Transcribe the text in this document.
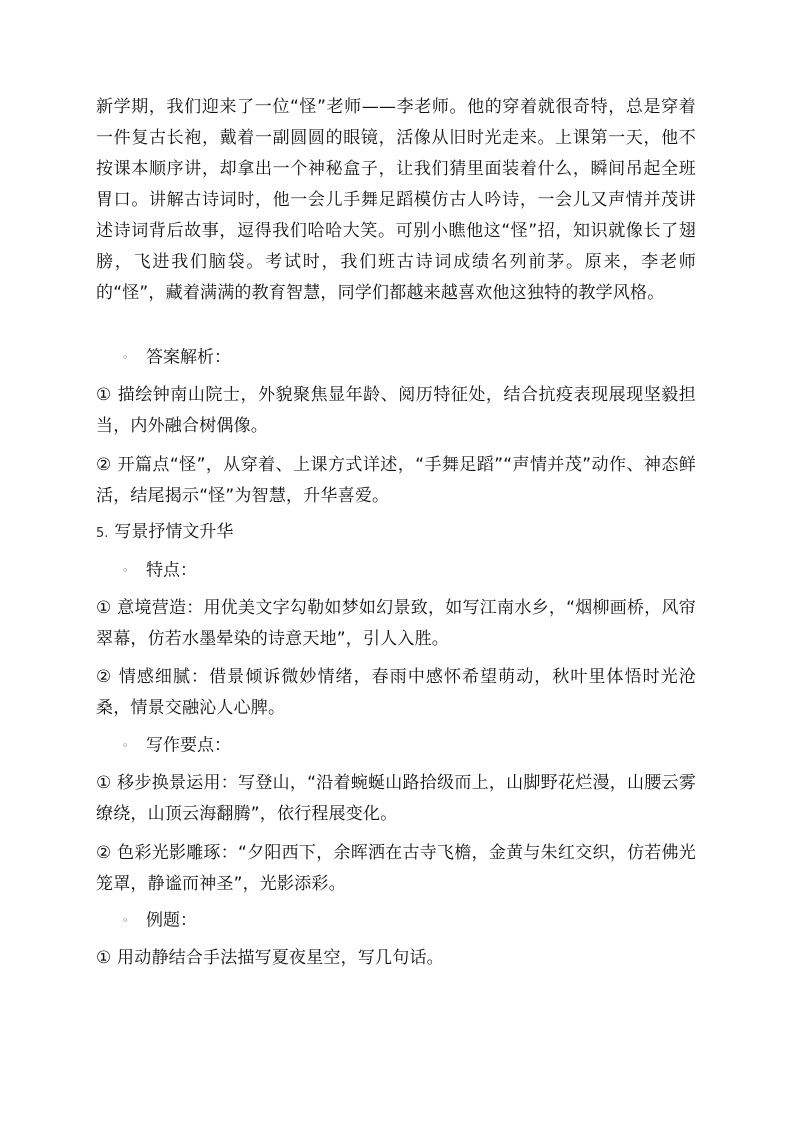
新学期，我们迎来了一位“怪”老师——李老师。他的穿着就很奇特，总是穿着一件复古长袍，戴着一副圆圆的眼镜，活像从旧时光走来。上课第一天，他不按课本顺序讲，却拿出一个神秘盒子，让我们猜里面装着什么，瞬间吊起全班胃口。讲解古诗词时，他一会儿手舞足蹈模仿古人吟诗，一会儿又声情并茂讲述诗词背后故事，逗得我们哈哈大笑。可别小瞧他这“怪”招，知识就像长了翅膀，飞进我们脑袋。考试时，我们班古诗词成绩名列前茅。原来，李老师的“怪”，藏着满满的教育智慧，同学们都越来越喜欢他这独特的教学风格。
◦ 答案解析：
① 描绘钟南山院士，外貌聚焦显年龄、阅历特征处，结合抗疫表现展现坚毅担当，内外融合树偶像。
② 开篇点“怪”，从穿着、上课方式详述，“手舞足蹈”“声情并茂”动作、神态鲜活，结尾揭示“怪”为智慧，升华喜爱。
5. 写景抒情文升华
◦ 特点：
① 意境营造：用优美文字勾勒如梦如幻景致，如写江南水乡，“烟柳画桥，风帘翠幕，仿若水墨晕染的诗意天地”，引人入胜。
② 情感细腻：借景倾诉微妙情绪，春雨中感怀希望萌动，秋叶里体悟时光沧桑，情景交融沁人心脾。
◦ 写作要点：
① 移步换景运用：写登山，“沿着蜿蜒山路拾级而上，山脚野花烂漫，山腰云雾缭绕，山顶云海翻腾”，依行程展变化。
② 色彩光影雕琢：“夕阳西下，余晖洒在古寺飞檐，金黄与朱红交织，仿若佛光笼罩，静谧而神圣”，光影添彩。
◦ 例题：
① 用动静结合手法描写夏夜星空，写几句话。
